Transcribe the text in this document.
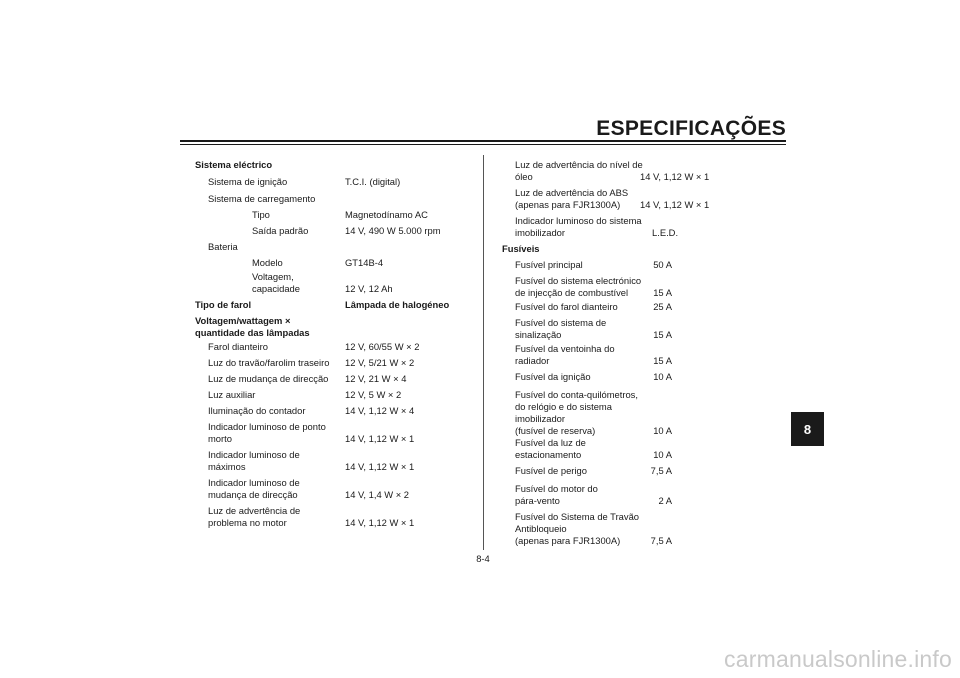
ESPECIFICAÇÕES
Sistema eléctrico
Sistema de ignição	T.C.I. (digital)
Sistema de carregamento
Tipo	Magnetodínamo AC
Saída padrão	14 V, 490 W 5.000 rpm
Bateria
Modelo	GT14B-4
Voltagem,
capacidade	12 V, 12 Ah
Tipo de farol	Lâmpada de halogéneo
Voltagem/wattagem ×
quantidade das lâmpadas
Farol dianteiro	12 V, 60/55 W × 2
Luz do travão/farolim traseiro 12 V, 5/21 W × 2
Luz de mudança de direcção 12 V, 21 W × 4
Luz auxiliar	12 V, 5 W × 2
Iluminação do contador	14 V, 1,12 W × 4
Indicador luminoso de ponto
morto	14 V, 1,12 W × 1
Indicador luminoso de
máximos	14 V, 1,12 W × 1
Indicador luminoso de
mudança de direcção	14 V, 1,4 W × 2
Luz de advertência de
problema no motor	14 V, 1,12 W × 1
Luz de advertência do nível de
óleo	14 V, 1,12 W × 1
Luz de advertência do ABS
(apenas para FJR1300A)	14 V, 1,12 W × 1
Indicador luminoso do sistema
imobilizador	L.E.D.
Fusíveis
Fusível principal	50 A
Fusível do sistema electrónico
de injecção de combustível	15 A
Fusível do farol dianteiro	25 A
Fusível do sistema de
sinalização	15 A
Fusível da ventoinha do
radiador	15 A
Fusível da ignição	10 A
Fusível do conta-quilómetros,
do relógio e do sistema
imobilizador
(fusível de reserva)	10 A
Fusível da luz de
estacionamento	10 A
Fusível de perigo	7,5 A
Fusível do motor do
pára-vento	2 A
Fusível do Sistema de Travão
Antibloqueio
(apenas para FJR1300A)	7,5 A
8
8-4
carmanualsonline.info
